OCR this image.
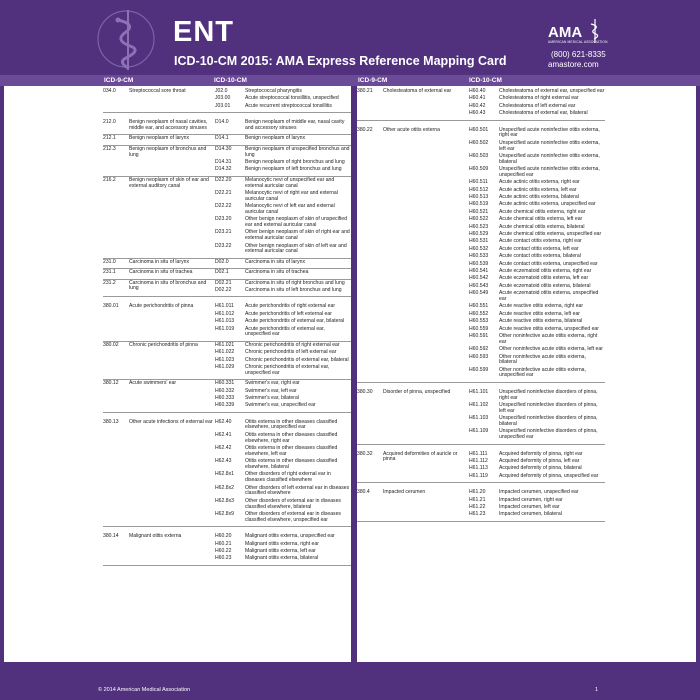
ENT
ICD-10-CM 2015: AMA Express Reference Mapping Card
AMA
AMERICAN MEDICAL ASSOCIATION
(800) 621-8335
amastore.com
ICD-9-CM	ICD-10-CM	ICD-9-CM	ICD-10-CM
034.0	Streptococcal sore throat	J02.0	Streptococcal pharyngitis
J03.00	Acute streptococcal tonsillitis, unspecified
J03.01	Acute recurrent streptococcal tonsillitis
212.0	Benign neoplasm of nasal cavities, middle ear, and accessory sinuses
D14.0	Benign neoplasm of middle ear, nasal cavity and accessory sinuses
212.1	Benign neoplasm of larynx	D14.1	Benign neoplasm of larynx
212.3	Benign neoplasm of bronchus and lung
D14.30	Benign neoplasm of unspecified bronchus and lung
D14.31	Benign neoplasm of right bronchus and lung
D14.32	Benign neoplasm of left bronchus and lung
216.2	Benign neoplasm of skin of ear and external auditory canal
D22.20	Melanocytic nevi of unspecified ear and external auricular canal
D22.21	Melanocytic nevi of right ear and external auricular canal
D22.22	Melanocytic nevi of left ear and external auricular canal
D23.20	Other benign neoplasm of skin of unspecified ear and external auricular canal
D23.21	Other benign neoplasm of skin of right ear and external auricular canal
D23.22	Other benign neoplasm of skin of left ear and external auricular canal
231.0	Carcinoma in situ of larynx	D02.0	Carcinoma in situ of larynx
231.1	Carcinoma in situ of trachea	D02.1	Carcinoma in situ of trachea
231.2	Carcinoma in situ of bronchus and lung
D02.21	Carcinoma in situ of right bronchus and lung
D02.22	Carcinoma in situ of left bronchus and lung
380.01	Acute perichondritis of pinna	H61.011	Acute perichondritis of right external ear
H61.012	Acute perichondritis of left external ear
H61.013	Acute perichondritis of external ear, bilateral
H61.019	Acute perichondritis of external ear, unspecified ear
380.02	Chronic perichondritis of pinna	H61.021	Chronic perichondritis of right external ear
H61.022	Chronic perichondritis of left external ear
H61.023	Chronic perichondritis of external ear, bilateral
H61.029	Chronic perichondritis of external ear, unspecified ear
380.12	Acute swimmers' ear	H60.331	Swimmer's ear, right ear
H60.332	Swimmer's ear, left ear
H60.333	Swimmer's ear, bilateral
H60.339	Swimmer's ear, unspecified ear
380.13	Other acute infections of external ear H62.40	Otitis externa in other diseases classified elsewhere, unspecified ear
H62.41	Otitis externa in other diseases classified elsewhere, right ear
H62.42	Otitis externa in other diseases classified elsewhere, left ear
H62.43	Otitis externa in other diseases classified elsewhere, bilateral
H62.8x1	Other disorders of right external ear in diseases classified elsewhere
H62.8x2	Other disorders of left external ear in diseases classified elsewhere
H62.8x3	Other disorders of external ear in diseases classified elsewhere, bilateral
H62.8x9	Other disorders of external ear in diseases classified elsewhere, unspecified ear
380.14	Malignant otitis externa	H60.20	Malignant otitis externa, unspecified ear
H60.21	Malignant otitis externa, right ear
H60.22	Malignant otitis externa, left ear
H60.23	Malignant otitis externa, bilateral
380.21	Cholesteatoma of external ear	H60.40	Cholesteatoma of external ear, unspecified ear
H60.41	Cholesteatoma of right external ear
H60.42	Cholesteatoma of left external ear
H60.43	Cholesteatoma of external ear, bilateral
380.22	Other acute otitis externa	H60.501	Unspecified acute noninfective otitis externa, right ear
H60.502	Unspecified acute noninfective otitis externa, left ear
H60.503	Unspecified acute noninfective otitis externa, bilateral
H60.509	Unspecified acute noninfective otitis externa, unspecified ear
H60.511	Acute actinic otitis externa, right ear
H60.512	Acute actinic otitis externa, left ear
H60.513	Acute actinic otitis externa, bilateral
H60.519	Acute actinic otitis externa, unspecified ear
H60.521	Acute chemical otitis externa, right ear
H60.522	Acute chemical otitis externa, left ear
H60.523	Acute chemical otitis externa, bilateral
H60.529	Acute chemical otitis externa, unspecified ear
H60.531	Acute contact otitis externa, right ear
H60.532	Acute contact otitis externa, left ear
H60.533	Acute contact otitis externa, bilateral
H60.539	Acute contact otitis externa, unspecified ear
H60.541	Acute eczematoid otitis externa, right ear
H60.542	Acute eczematoid otitis externa, left ear
H60.543	Acute eczematoid otitis externa, bilateral
H60.549	Acute eczematoid otitis externa, unspecified ear
H60.551	Acute reactive otitis externa, right ear
H60.552	Acute reactive otitis externa, left ear
H60.553	Acute reactive otitis externa, bilateral
H60.559	Acute reactive otitis externa, unspecified ear
H60.591	Other noninfective acute otitis externa, right ear
H60.592	Other noninfective acute otitis externa, left ear
H60.593	Other noninfective acute otitis externa, bilateral
H60.599	Other noninfective acute otitis externa, unspecified ear
380.30	Disorder of pinna, unspecified	H61.101	Unspecified noninfective disorders of pinna, right ear
H61.102	Unspecified noninfective disorders of pinna, left ear
H61.103	Unspecified noninfective disorders of pinna, bilateral
H61.109	Unspecified noninfective disorders of pinna, unspecified ear
380.32	Acquired deformities of auricle or pinna
H61.111	Acquired deformity of pinna, right ear
H61.112	Acquired deformity of pinna, left ear
H61.113	Acquired deformity of pinna, bilateral
H61.119	Acquired deformity of pinna, unspecified ear
380.4	Impacted cerumen	H61.20	Impacted cerumen, unspecified ear
H61.21	Impacted cerumen, right ear
H61.22	Impacted cerumen, left ear
H61.23	Impacted cerumen, bilateral
© 2014 American Medical Association	1
